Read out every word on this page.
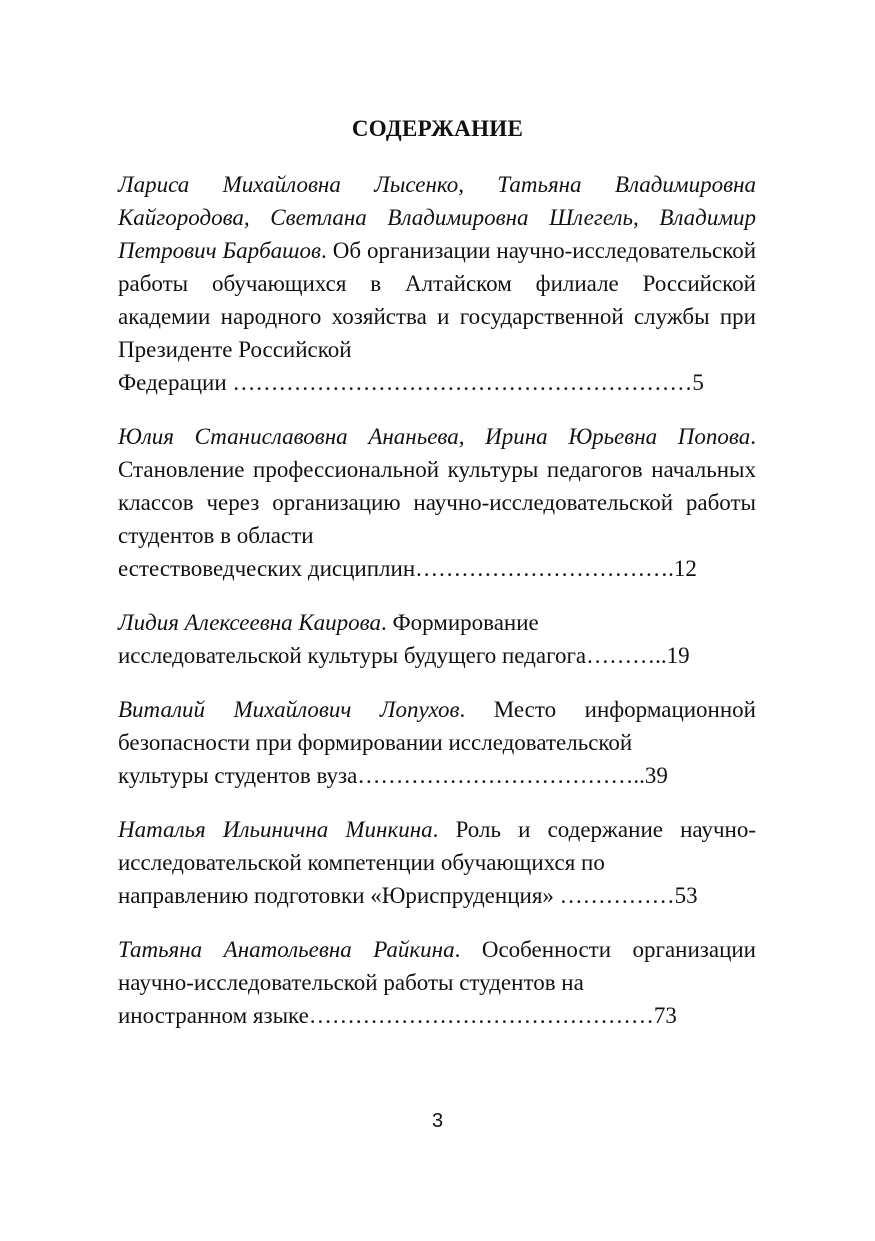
СОДЕРЖАНИЕ

Лариса Михайловна Лысенко, Татьяна Владимировна Кайгородова, Светлана Владимировна Шлегель, Владимир Петрович Барбашов. Об организации научно-исследовательской работы обучающихся в Алтайском филиале Российской академии народного хозяйства и государственной службы при Президенте Российской
Федерации ……………………………………………………5

Юлия Станиславовна Ананьева, Ирина Юрьевна Попова. Становление профессиональной культуры педагогов начальных классов через организацию научно-исследовательской работы студентов в области
естествоведческих дисциплин…………………………….12

Лидия Алексеевна Каирова. Формирование
исследовательской культуры будущего педагога………..19

Виталий Михайлович Лопухов. Место информационной безопасности при формировании исследовательской
культуры студентов вуза………………………………..39

Наталья Ильинична Минкина. Роль и содержание научно-исследовательской компетенции обучающихся по
направлению подготовки «Юриспруденция» ……………53

Татьяна Анатольевна Райкина. Особенности организации научно-исследовательской работы студентов на
иностранном языке………………………………………73

3
